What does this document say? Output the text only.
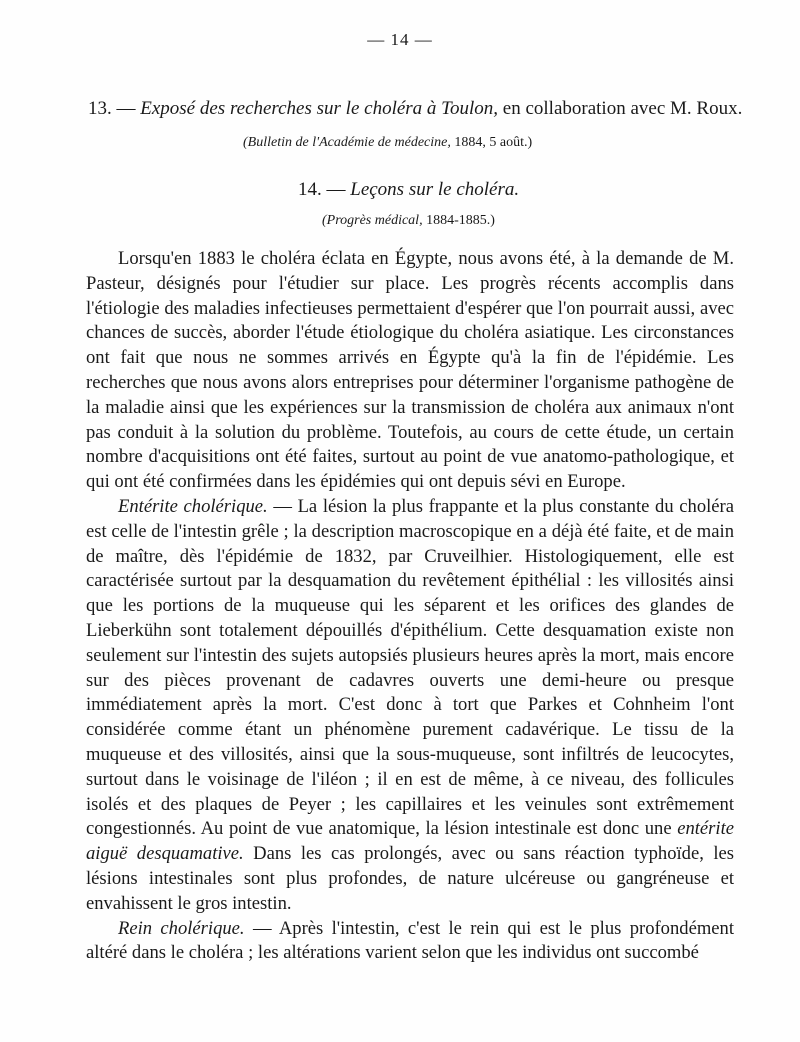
— 14 —
13. — Exposé des recherches sur le choléra à Toulon, en collaboration avec M. Roux.
(Bulletin de l'Académie de médecine, 1884, 5 août.)
14. — Leçons sur le choléra.
(Progrès médical, 1884-1885.)

Lorsqu'en 1883 le choléra éclata en Égypte, nous avons été, à la demande de M. Pasteur, désignés pour l'étudier sur place. Les progrès récents accomplis dans l'étiologie des maladies infectieuses permettaient d'espérer que l'on pourrait aussi, avec chances de succès, aborder l'étude étiologique du choléra asiatique. Les circonstances ont fait que nous ne sommes arrivés en Égypte qu'à la fin de l'épidémie. Les recherches que nous avons alors entreprises pour déterminer l'organisme pathogène de la maladie ainsi que les expériences sur la transmission de choléra aux animaux n'ont pas conduit à la solution du problème. Toutefois, au cours de cette étude, un certain nombre d'acquisitions ont été faites, surtout au point de vue anatomo-pathologique, et qui ont été confirmées dans les épidémies qui ont depuis sévi en Europe.

Entérite cholérique. — La lésion la plus frappante et la plus constante du choléra est celle de l'intestin grêle ; la description macroscopique en a déjà été faite, et de main de maître, dès l'épidémie de 1832, par Cruveilhier. Histologiquement, elle est caractérisée surtout par la desquamation du revêtement épithélial : les villosités ainsi que les portions de la muqueuse qui les séparent et les orifices des glandes de Lieberkühn sont totalement dépouillés d'épithélium. Cette desquamation existe non seulement sur l'intestin des sujets autopsiés plusieurs heures après la mort, mais encore sur des pièces provenant de cadavres ouverts une demi-heure ou presque immédiatement après la mort. C'est donc à tort que Parkes et Cohnheim l'ont considérée comme étant un phénomène purement cadavérique. Le tissu de la muqueuse et des villosités, ainsi que la sous-muqueuse, sont infiltrés de leucocytes, surtout dans le voisinage de l'iléon ; il en est de même, à ce niveau, des follicules isolés et des plaques de Peyer ; les capillaires et les veinules sont extrêmement congestionnés. Au point de vue anatomique, la lésion intestinale est donc une entérite aiguë desquamative. Dans les cas prolongés, avec ou sans réaction typhoïde, les lésions intestinales sont plus profondes, de nature ulcéreuse ou gangréneuse et envahissent le gros intestin.

Rein cholérique. — Après l'intestin, c'est le rein qui est le plus profondément altéré dans le choléra ; les altérations varient selon que les individus ont succombé
